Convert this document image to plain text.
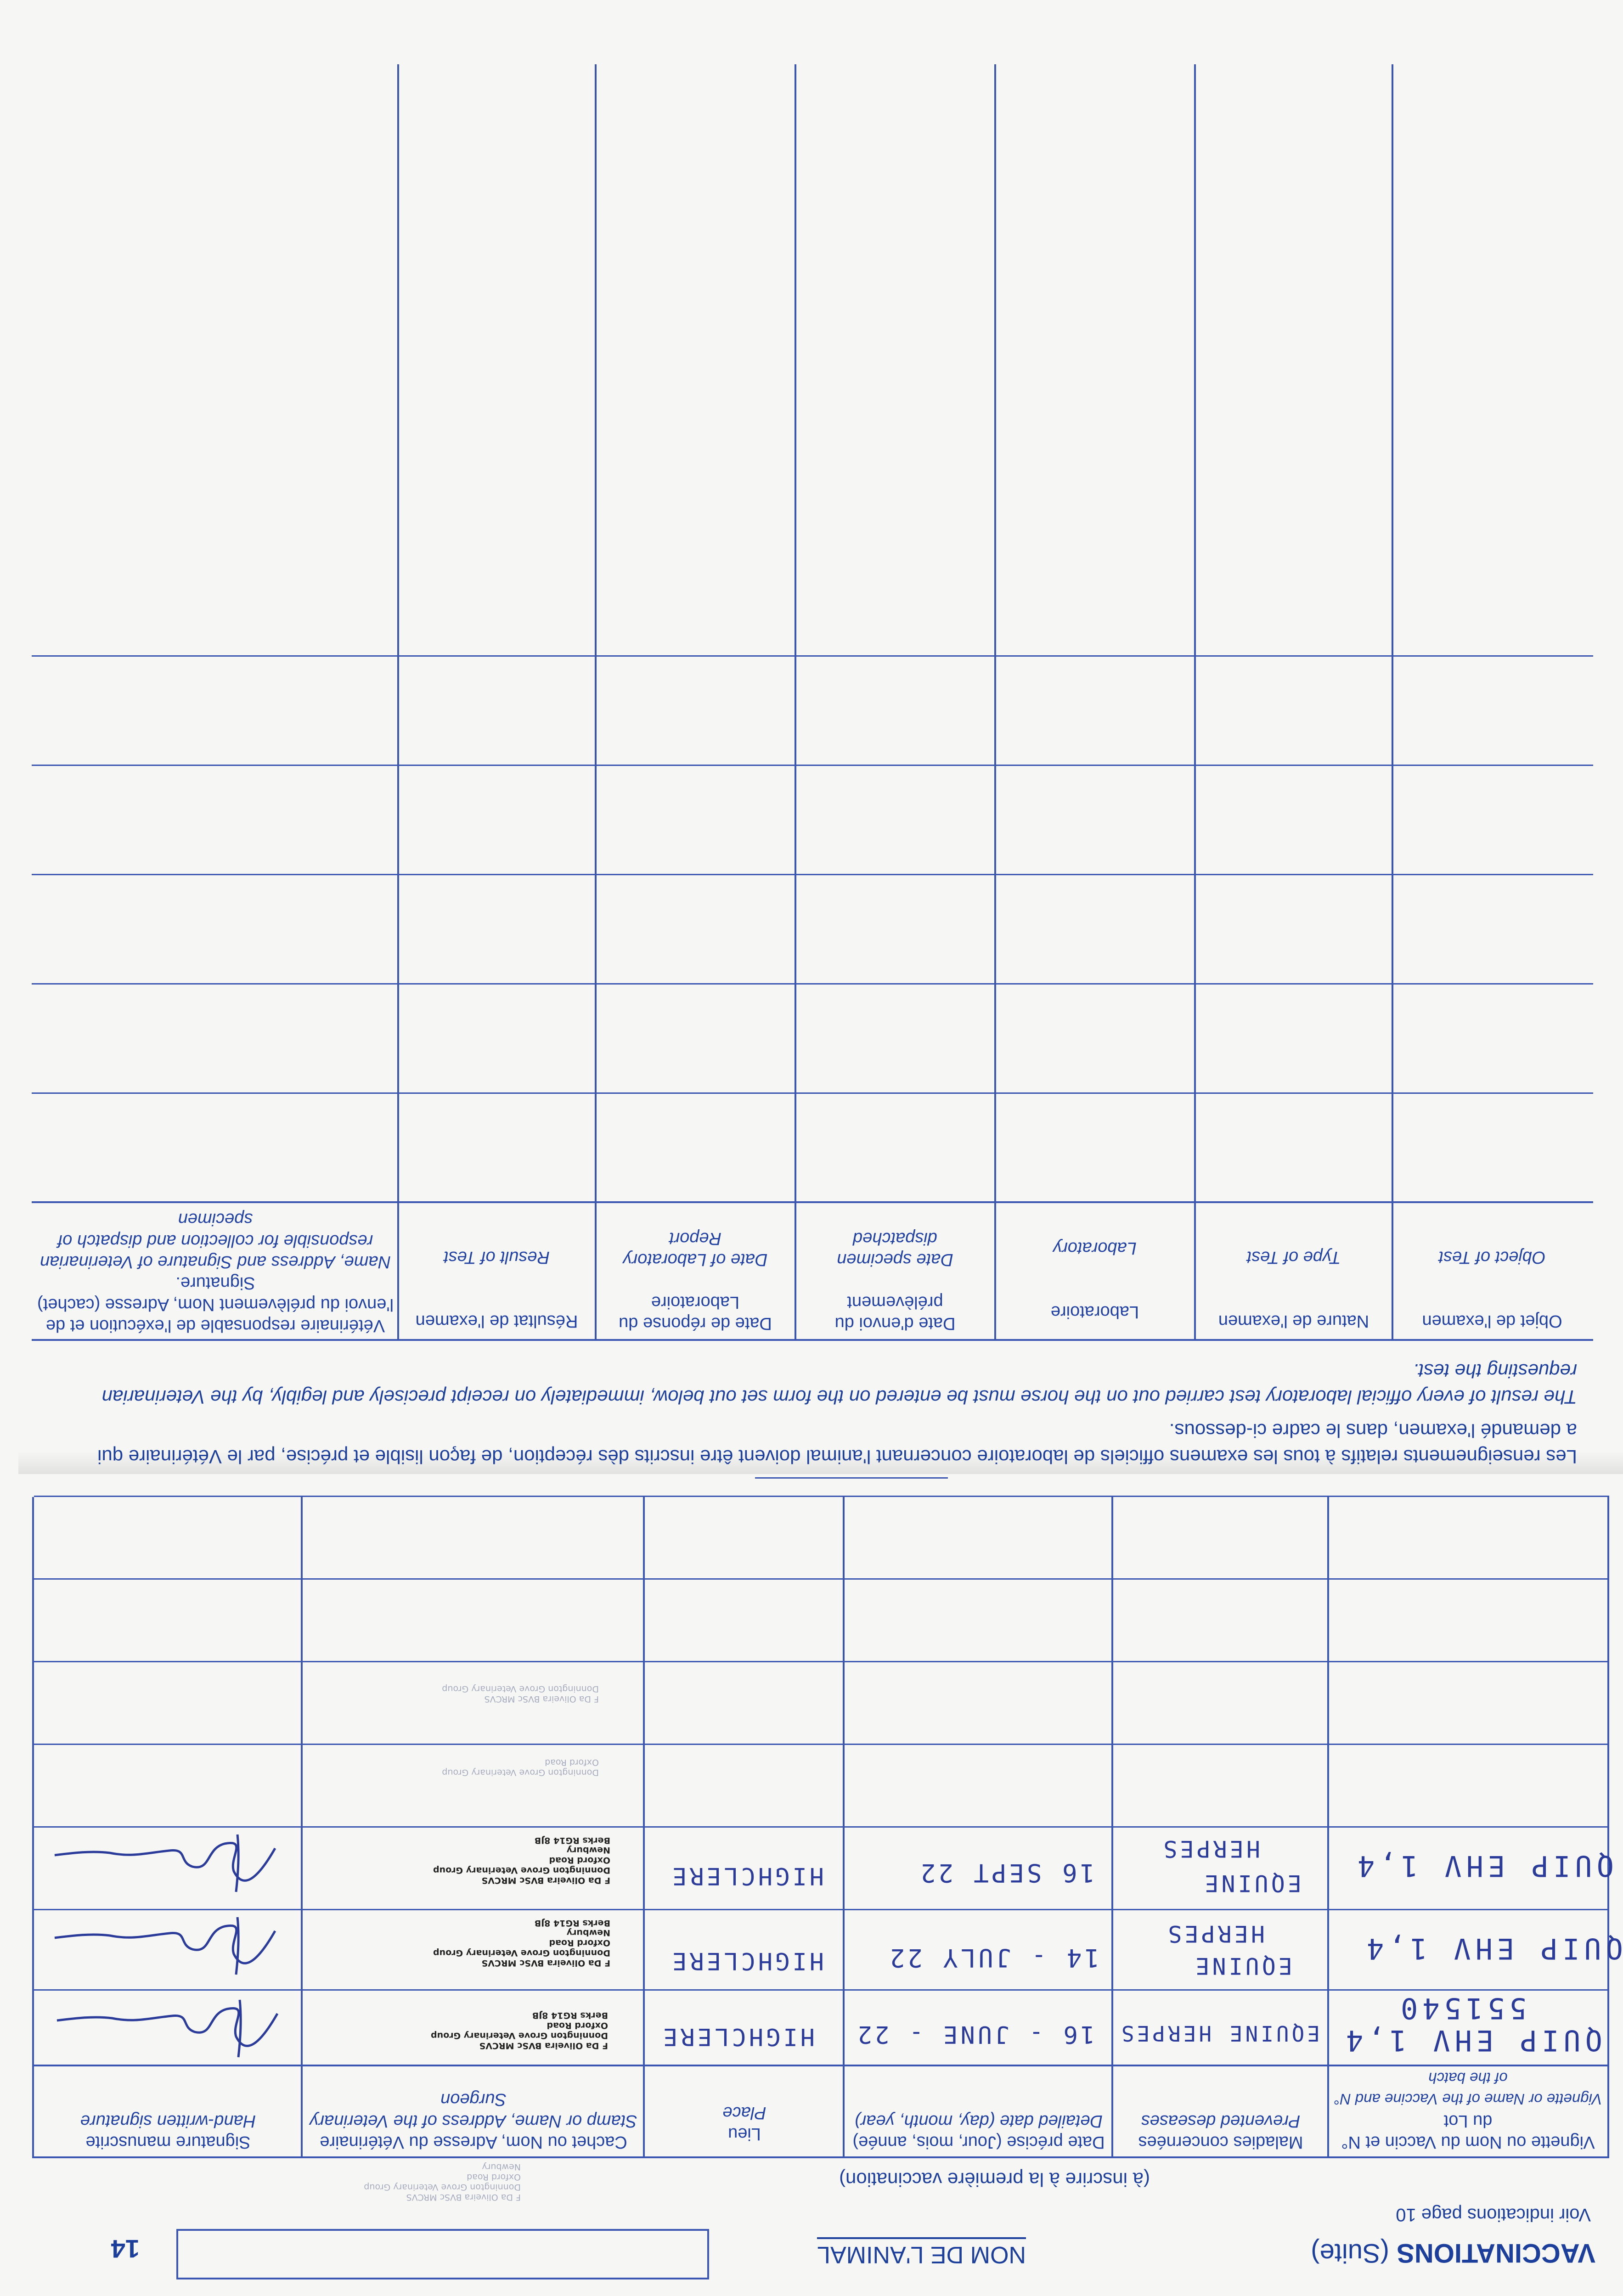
VACCINATIONS (Suite)
NOM DE L'ANIMAL
14
Voir indications page 10
(à inscrire à la première vaccination)
F Da Oliveira BVSc MRCVS
Donnington Grove Veterinary Group
Oxford Road
Newbury
Vignette ou Nom du Vaccin et N° du Lot
Vignette or Name of the Vaccine and N° of the batch
Maladies concernées
Prevented deseases
Date précise (Jour, mois, année)
Detailed date (day, month, year)
Lieu
Place
Cachet ou Nom, Adresse du Vétérinaire
Stamp or Name, Address of the Veterinary Surgeon
Signature manuscrite
Hand-written signature
QUIP EHV 1,4
551540
EQUINE HERPES
16 - JUNE - 22
HIGHCLERE
F Da Oliveira BVSc MRCVS
Donnington Grove Veterinary Group
Oxford Road
Berks RG14 8JB
QUIP EHV 1,4
EQUINE
HERPES
14 - JULY 22
HIGHCLERE
F Da Oliveira BVSc MRCVS
Donnington Grove Veterinary Group
Oxford Road
Newbury
Berks RG14 8JB
QUIP EHV 1,4
EQUINE
HERPES
16 SEPT 22
HIGHCLERE
F Da Oliveira BVSc MRCVS
Donnington Grove Veterinary Group
Oxford Road
Newbury
Berks RG14 8JB
Donnington Grove Veterinary Group
Oxford Road
F Da Oliveira BVSc MRCVS
Donnington Grove Veterinary Group
Les renseignements relatifs à tous les examens officiels de laboratoire concernant l'animal doivent être inscrits dès réception, de façon lisible et précise, par le Vétérinaire qui a demandé l'examen, dans le cadre ci-dessous.
The result of every official laboratory test carried out on the horse must be entered on the form set out below, immediately on receipt precisely and legibly, by the Veterinarian requesting the test.
Objet de l'examen

Object of Test
Nature de l'examen

Type of Test
Laboratoire

Laboratory
Date d'envoi du prélèvement

Date specimen dispatched
Date de réponse du Laboratoire

Date of Laboratory Report
Résultat de l'examen

Result of Test
Vétérinaire responsable de l'exécution et de l'envoi du prélèvement Nom, Adresse (cachet) Signature.
Name, Address and Signature of Veterinarian responsible for collection and dispatch of specimen
